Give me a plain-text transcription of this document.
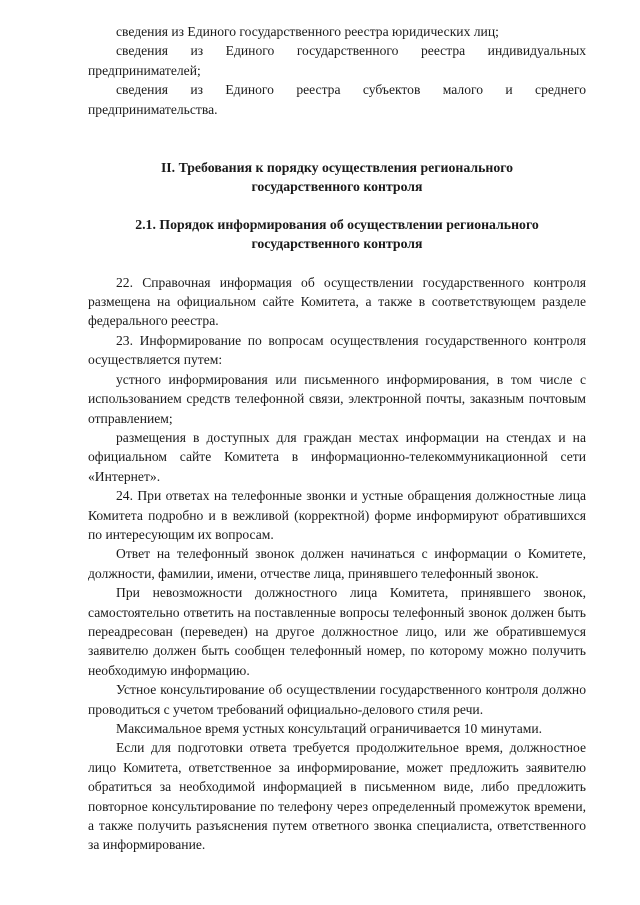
сведения из Единого государственного реестра юридических лиц;

сведения из Единого государственного реестра индивидуальных предпринимателей;

сведения из Единого реестра субъектов малого и среднего предпринимательства.

II. Требования к порядку осуществления регионального государственного контроля
2.1. Порядок информирования об осуществлении регионального государственного контроля

22. Справочная информация об осуществлении государственного контроля размещена на официальном сайте Комитета, а также в соответствующем разделе федерального реестра.

23. Информирование по вопросам осуществления государственного контроля осуществляется путем:

устного информирования или письменного информирования, в том числе с использованием средств телефонной связи, электронной почты, заказным почтовым отправлением;

размещения в доступных для граждан местах информации на стендах и на официальном сайте Комитета в информационно-телекоммуникационной сети «Интернет».

24. При ответах на телефонные звонки и устные обращения должностные лица Комитета подробно и в вежливой (корректной) форме информируют обратившихся по интересующим их вопросам.

Ответ на телефонный звонок должен начинаться с информации о Комитете, должности, фамилии, имени, отчестве лица, принявшего телефонный звонок.

При невозможности должностного лица Комитета, принявшего звонок, самостоятельно ответить на поставленные вопросы телефонный звонок должен быть переадресован (переведен) на другое должностное лицо, или же обратившемуся заявителю должен быть сообщен телефонный номер, по которому можно получить необходимую информацию.

Устное консультирование об осуществлении государственного контроля должно проводиться с учетом требований официально-делового стиля речи.

Максимальное время устных консультаций ограничивается 10 минутами.

Если для подготовки ответа требуется продолжительное время, должностное лицо Комитета, ответственное за информирование, может предложить заявителю обратиться за необходимой информацией в письменном виде, либо предложить повторное консультирование по телефону через определенный промежуток времени, а также получить разъяснения путем ответного звонка специалиста, ответственного за информирование.
